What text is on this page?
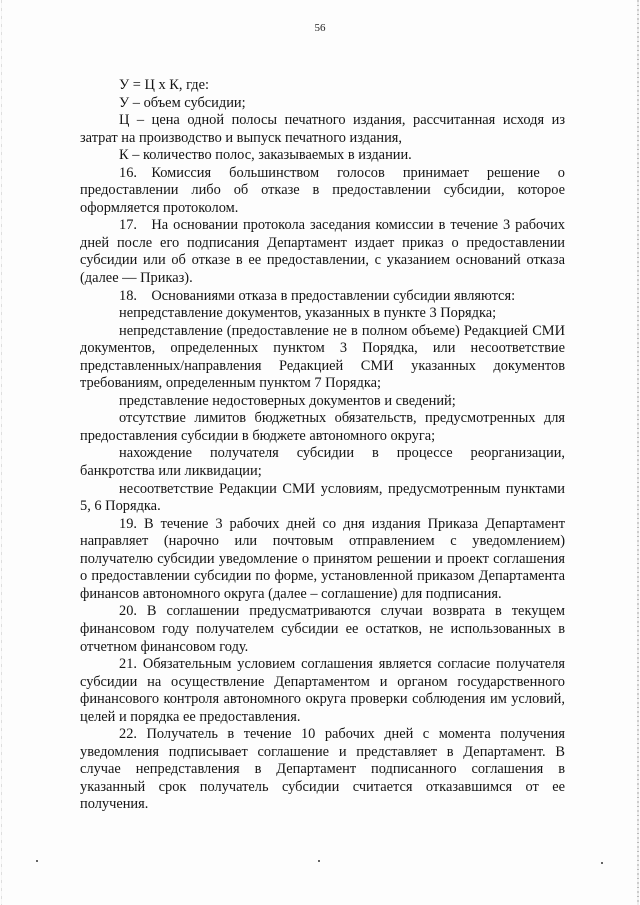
56

У = Ц х К, где:

У – объем субсидии;

Ц – цена одной полосы печатного издания, рассчитанная исходя из затрат на производство и выпуск печатного издания,

К – количество полос, заказываемых в издании.

16. Комиссия большинством голосов принимает решение о предоставлении либо об отказе в предоставлении субсидии, которое оформляется протоколом.

17. На основании протокола заседания комиссии в течение 3 рабочих дней после его подписания Департамент издает приказ о предоставлении субсидии или об отказе в ее предоставлении, с указанием оснований отказа (далее — Приказ).

18. Основаниями отказа в предоставлении субсидии являются:

непредставление документов, указанных в пункте 3 Порядка;

непредставление (предоставление не в полном объеме) Редакцией СМИ документов, определенных пунктом 3 Порядка, или несоответствие представленных/направления Редакцией СМИ указанных документов требованиям, определенным пунктом 7 Порядка;

представление недостоверных документов и сведений;

отсутствие лимитов бюджетных обязательств, предусмотренных для предоставления субсидии в бюджете автономного округа;

нахождение получателя субсидии в процессе реорганизации, банкротства или ликвидации;

несоответствие Редакции СМИ условиям, предусмотренным пунктами 5, 6 Порядка.

19. В течение 3 рабочих дней со дня издания Приказа Департамент направляет (нарочно или почтовым отправлением с уведомлением) получателю субсидии уведомление о принятом решении и проект соглашения о предоставлении субсидии по форме, установленной приказом Департамента финансов автономного округа (далее – соглашение) для подписания.

20. В соглашении предусматриваются случаи возврата в текущем финансовом году получателем субсидии ее остатков, не использованных в отчетном финансовом году.

21. Обязательным условием соглашения является согласие получателя субсидии на осуществление Департаментом и органом государственного финансового контроля автономного округа проверки соблюдения им условий, целей и порядка ее предоставления.

22. Получатель в течение 10 рабочих дней с момента получения уведомления подписывает соглашение и представляет в Департамент. В случае непредставления в Департамент подписанного соглашения в указанный срок получатель субсидии считается отказавшимся от ее получения.
